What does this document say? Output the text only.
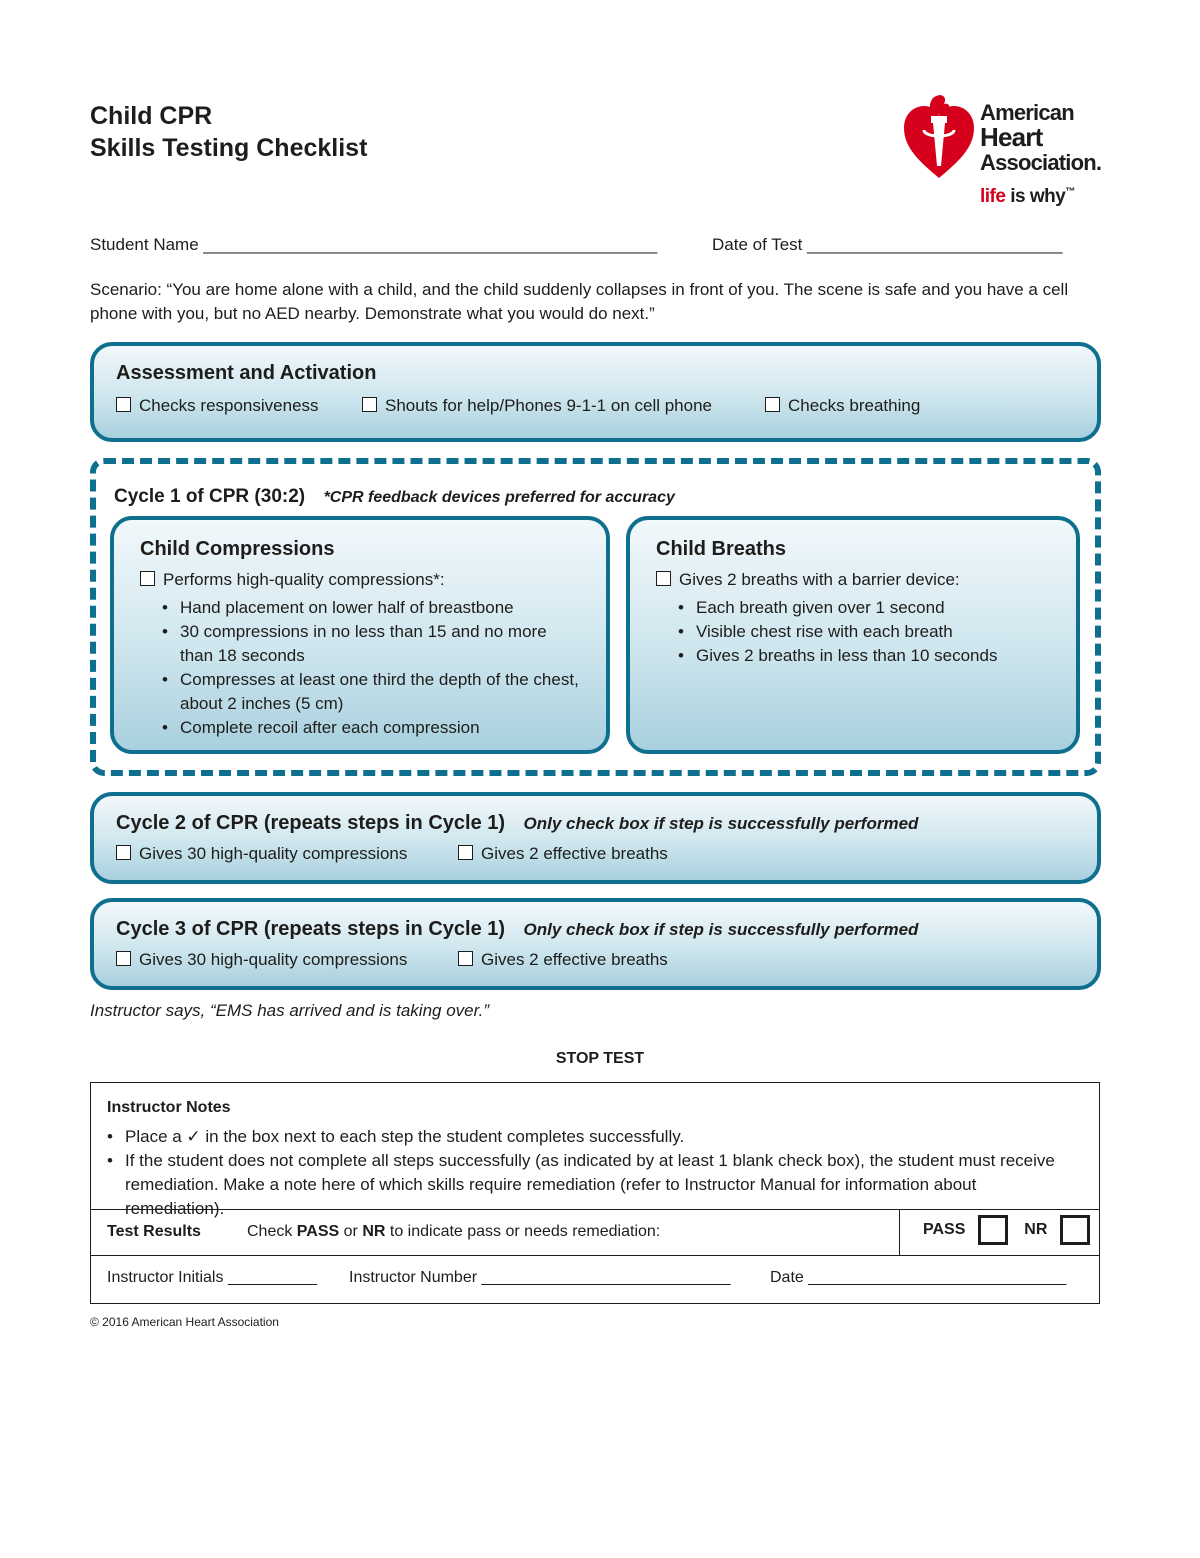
Child CPR
Skills Testing Checklist
American
Heart
Association.
life is why™
Student Name ________________________________________________	Date of Test ___________________________
Scenario: “You are home alone with a child, and the child suddenly collapses in front of you. The scene is safe and you have a cell phone with you, but no AED nearby. Demonstrate what you would do next.”
Assessment and Activation
Checks responsiveness	Shouts for help/Phones 9-1-1 on cell phone	Checks breathing
Cycle 1 of CPR (30:2) *CPR feedback devices preferred for accuracy
Child Compressions
Performs high-quality compressions*:
• Hand placement on lower half of breastbone
• 30 compressions in no less than 15 and no more than 18 seconds
• Compresses at least one third the depth of the chest, about 2 inches (5 cm)
• Complete recoil after each compression
Child Breaths
Gives 2 breaths with a barrier device:
• Each breath given over 1 second
• Visible chest rise with each breath
• Gives 2 breaths in less than 10 seconds
Cycle 2 of CPR (repeats steps in Cycle 1) Only check box if step is successfully performed
Gives 30 high-quality compressions	Gives 2 effective breaths
Cycle 3 of CPR (repeats steps in Cycle 1) Only check box if step is successfully performed
Gives 30 high-quality compressions	Gives 2 effective breaths
Instructor says, “EMS has arrived and is taking over.”
STOP TEST
Instructor Notes
• Place a ✓ in the box next to each step the student completes successfully.
• If the student does not complete all steps successfully (as indicated by at least 1 blank check box), the student must receive remediation. Make a note here of which skills require remediation (refer to Instructor Manual for information about remediation).
Test Results	Check PASS or NR to indicate pass or needs remediation:	PASS	NR
Instructor Initials __________ Instructor Number ____________________________ Date _____________________________
© 2016 American Heart Association
